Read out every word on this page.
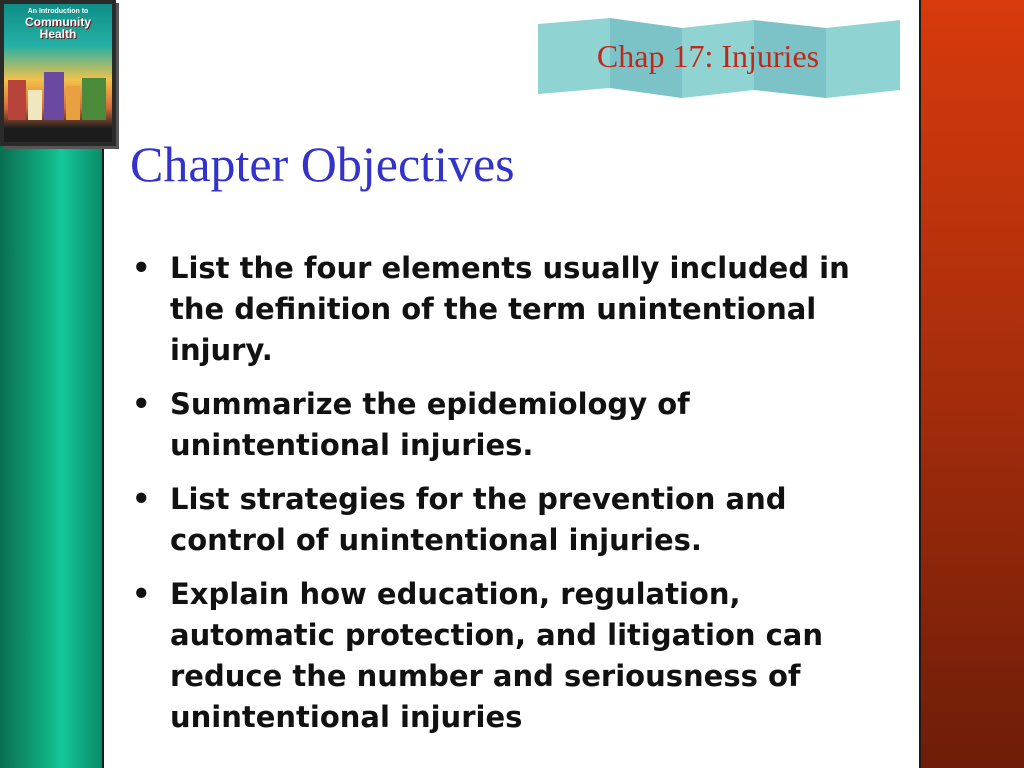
An Introduction to
Community
Health
Chap 17: Injuries
Chapter Objectives
• List the four elements usually included in the definition of the term unintentional injury.
• Summarize the epidemiology of unintentional injuries.
• List strategies for the prevention and control of unintentional injuries.
• Explain how education, regulation, automatic protection, and litigation can reduce the number and seriousness of unintentional injuries
